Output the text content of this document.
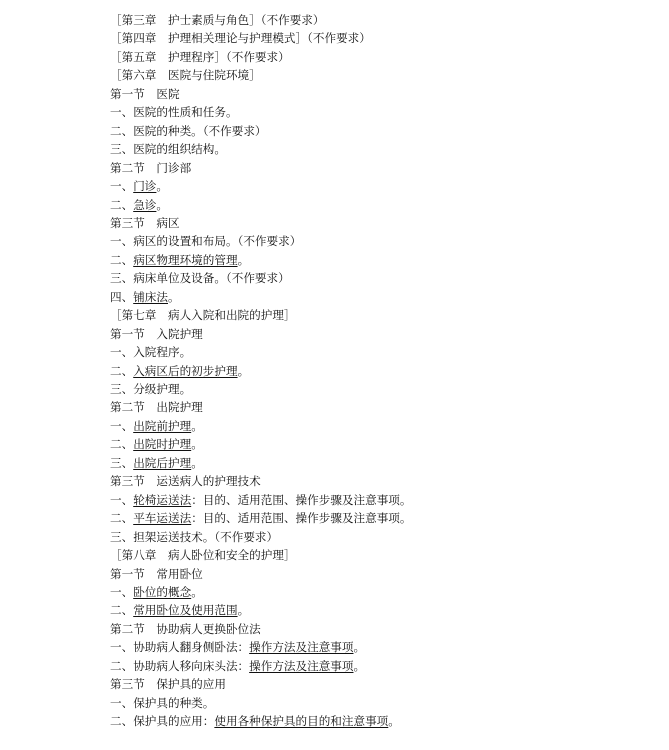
［第三章　护士素质与角色］（不作要求）
［第四章　护理相关理论与护理模式］（不作要求）
［第五章　护理程序］（不作要求）
［第六章　医院与住院环境］
第一节　医院
一、医院的性质和任务。
二、医院的种类。（不作要求）
三、医院的组织结构。
第二节　门诊部
一、门诊。
二、急诊。
第三节　病区
一、病区的设置和布局。（不作要求）
二、病区物理环境的管理。
三、病床单位及设备。（不作要求）
四、铺床法。
［第七章　病人入院和出院的护理］
第一节　入院护理
一、入院程序。
二、入病区后的初步护理。
三、分级护理。
第二节　出院护理
一、出院前护理。
二、出院时护理。
三、出院后护理。
第三节　运送病人的护理技术
一、轮椅运送法：目的、适用范围、操作步骤及注意事项。
二、平车运送法：目的、适用范围、操作步骤及注意事项。
三、担架运送技术。（不作要求）
［第八章　病人卧位和安全的护理］
第一节　常用卧位
一、卧位的概念。
二、常用卧位及使用范围。
第二节　协助病人更换卧位法
一、协助病人翻身侧卧法：操作方法及注意事项。
二、协助病人移向床头法：操作方法及注意事项。
第三节　保护具的应用
一、保护具的种类。
二、保护具的应用：使用各种保护具的目的和注意事项。
